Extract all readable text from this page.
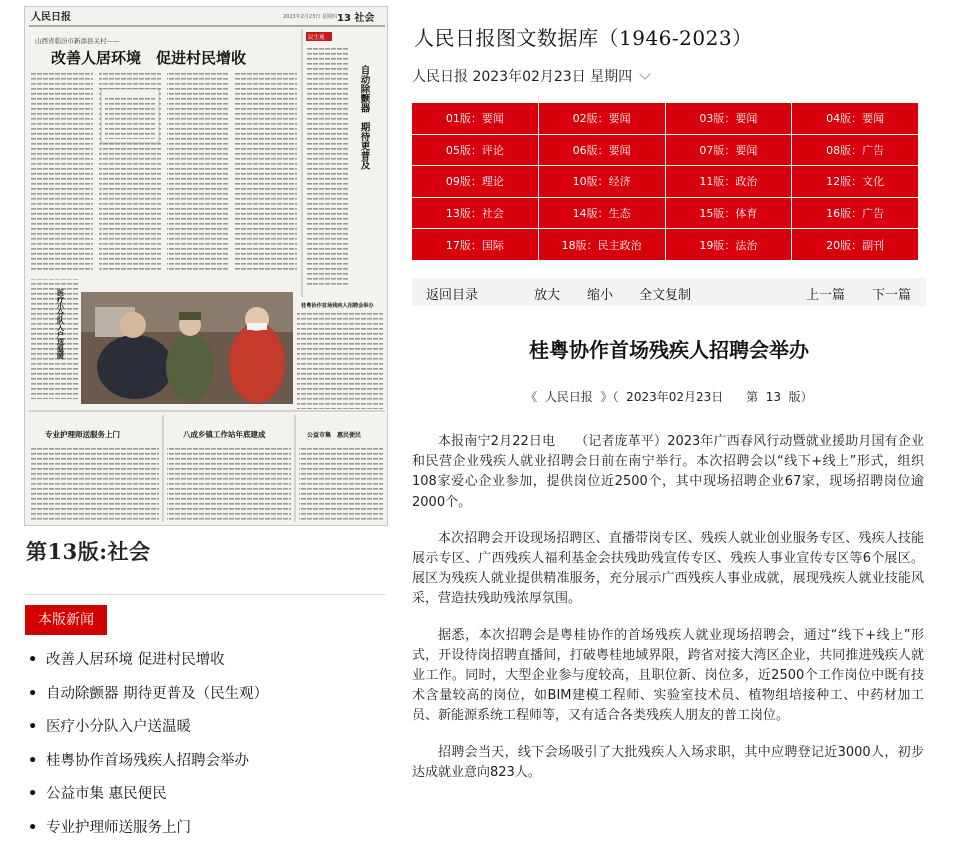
人民日报	2023年2月23日 星期四 13 社会
山西省临汾市新添县关村——
改善人居环境　促进村民增收
民生观
自动除颤器　期待更普及
医疗小分队入户送温暖	桂粤协作首场残疾人招聘会举办
专业护理师送服务上门	八成乡镇工作站年底建成	公益市集　惠民便民
第13版:社会
本版新闻
• 改善人居环境 促进村民增收
• 自动除颤器 期待更普及（民生观）
• 医疗小分队入户送温暖
• 桂粤协作首场残疾人招聘会举办
• 公益市集 惠民便民
• 专业护理师送服务上门
人民日报图文数据库（1946-2023）
人民日报 2023年02月23日 星期四
01版：要闻	02版：要闻	03版：要闻	04版：要闻
05版：评论	06版：要闻	07版：要闻	08版：广告
09版：理论	10版：经济	11版：政治	12版：文化
13版：社会	14版：生态	15版：体育	16版：广告
17版：国际	18版：民主政治	19版：法治	20版：副刊
返回目录	放大 缩小 全文复制	上一篇 下一篇
桂粤协作首场残疾人招聘会举办
《  人民日报  》（  2023年02月23日      第  13  版）

本报南宁2月22日电　　（记者庞革平）2023年广西春风行动暨就业援助月国有企业和民营企业残疾人就业招聘会日前在南宁举行。本次招聘会以“线下+线上”形式，组织108家爱心企业参加，提供岗位近2500个，其中现场招聘企业67家，现场招聘岗位逾2000个。

本次招聘会开设现场招聘区、直播带岗专区、残疾人就业创业服务专区、残疾人技能展示专区、广西残疾人福利基金会扶残助残宣传专区、残疾人事业宣传专区等6个展区。展区为残疾人就业提供精准服务，充分展示广西残疾人事业成就，展现残疾人就业技能风采，营造扶残助残浓厚氛围。

据悉，本次招聘会是粤桂协作的首场残疾人就业现场招聘会，通过“线下+线上”形式，开设待岗招聘直播间，打破粤桂地域界限，跨省对接大湾区企业，共同推进残疾人就业工作。同时，大型企业参与度较高，且职位新、岗位多，近2500个工作岗位中既有技术含量较高的岗位，如BIM建模工程师、实验室技术员、植物组培接种工、中药材加工员、新能源系统工程师等，又有适合各类残疾人朋友的普工岗位。

招聘会当天，线下会场吸引了大批残疾人入场求职，其中应聘登记近3000人，初步达成就业意向823人。
